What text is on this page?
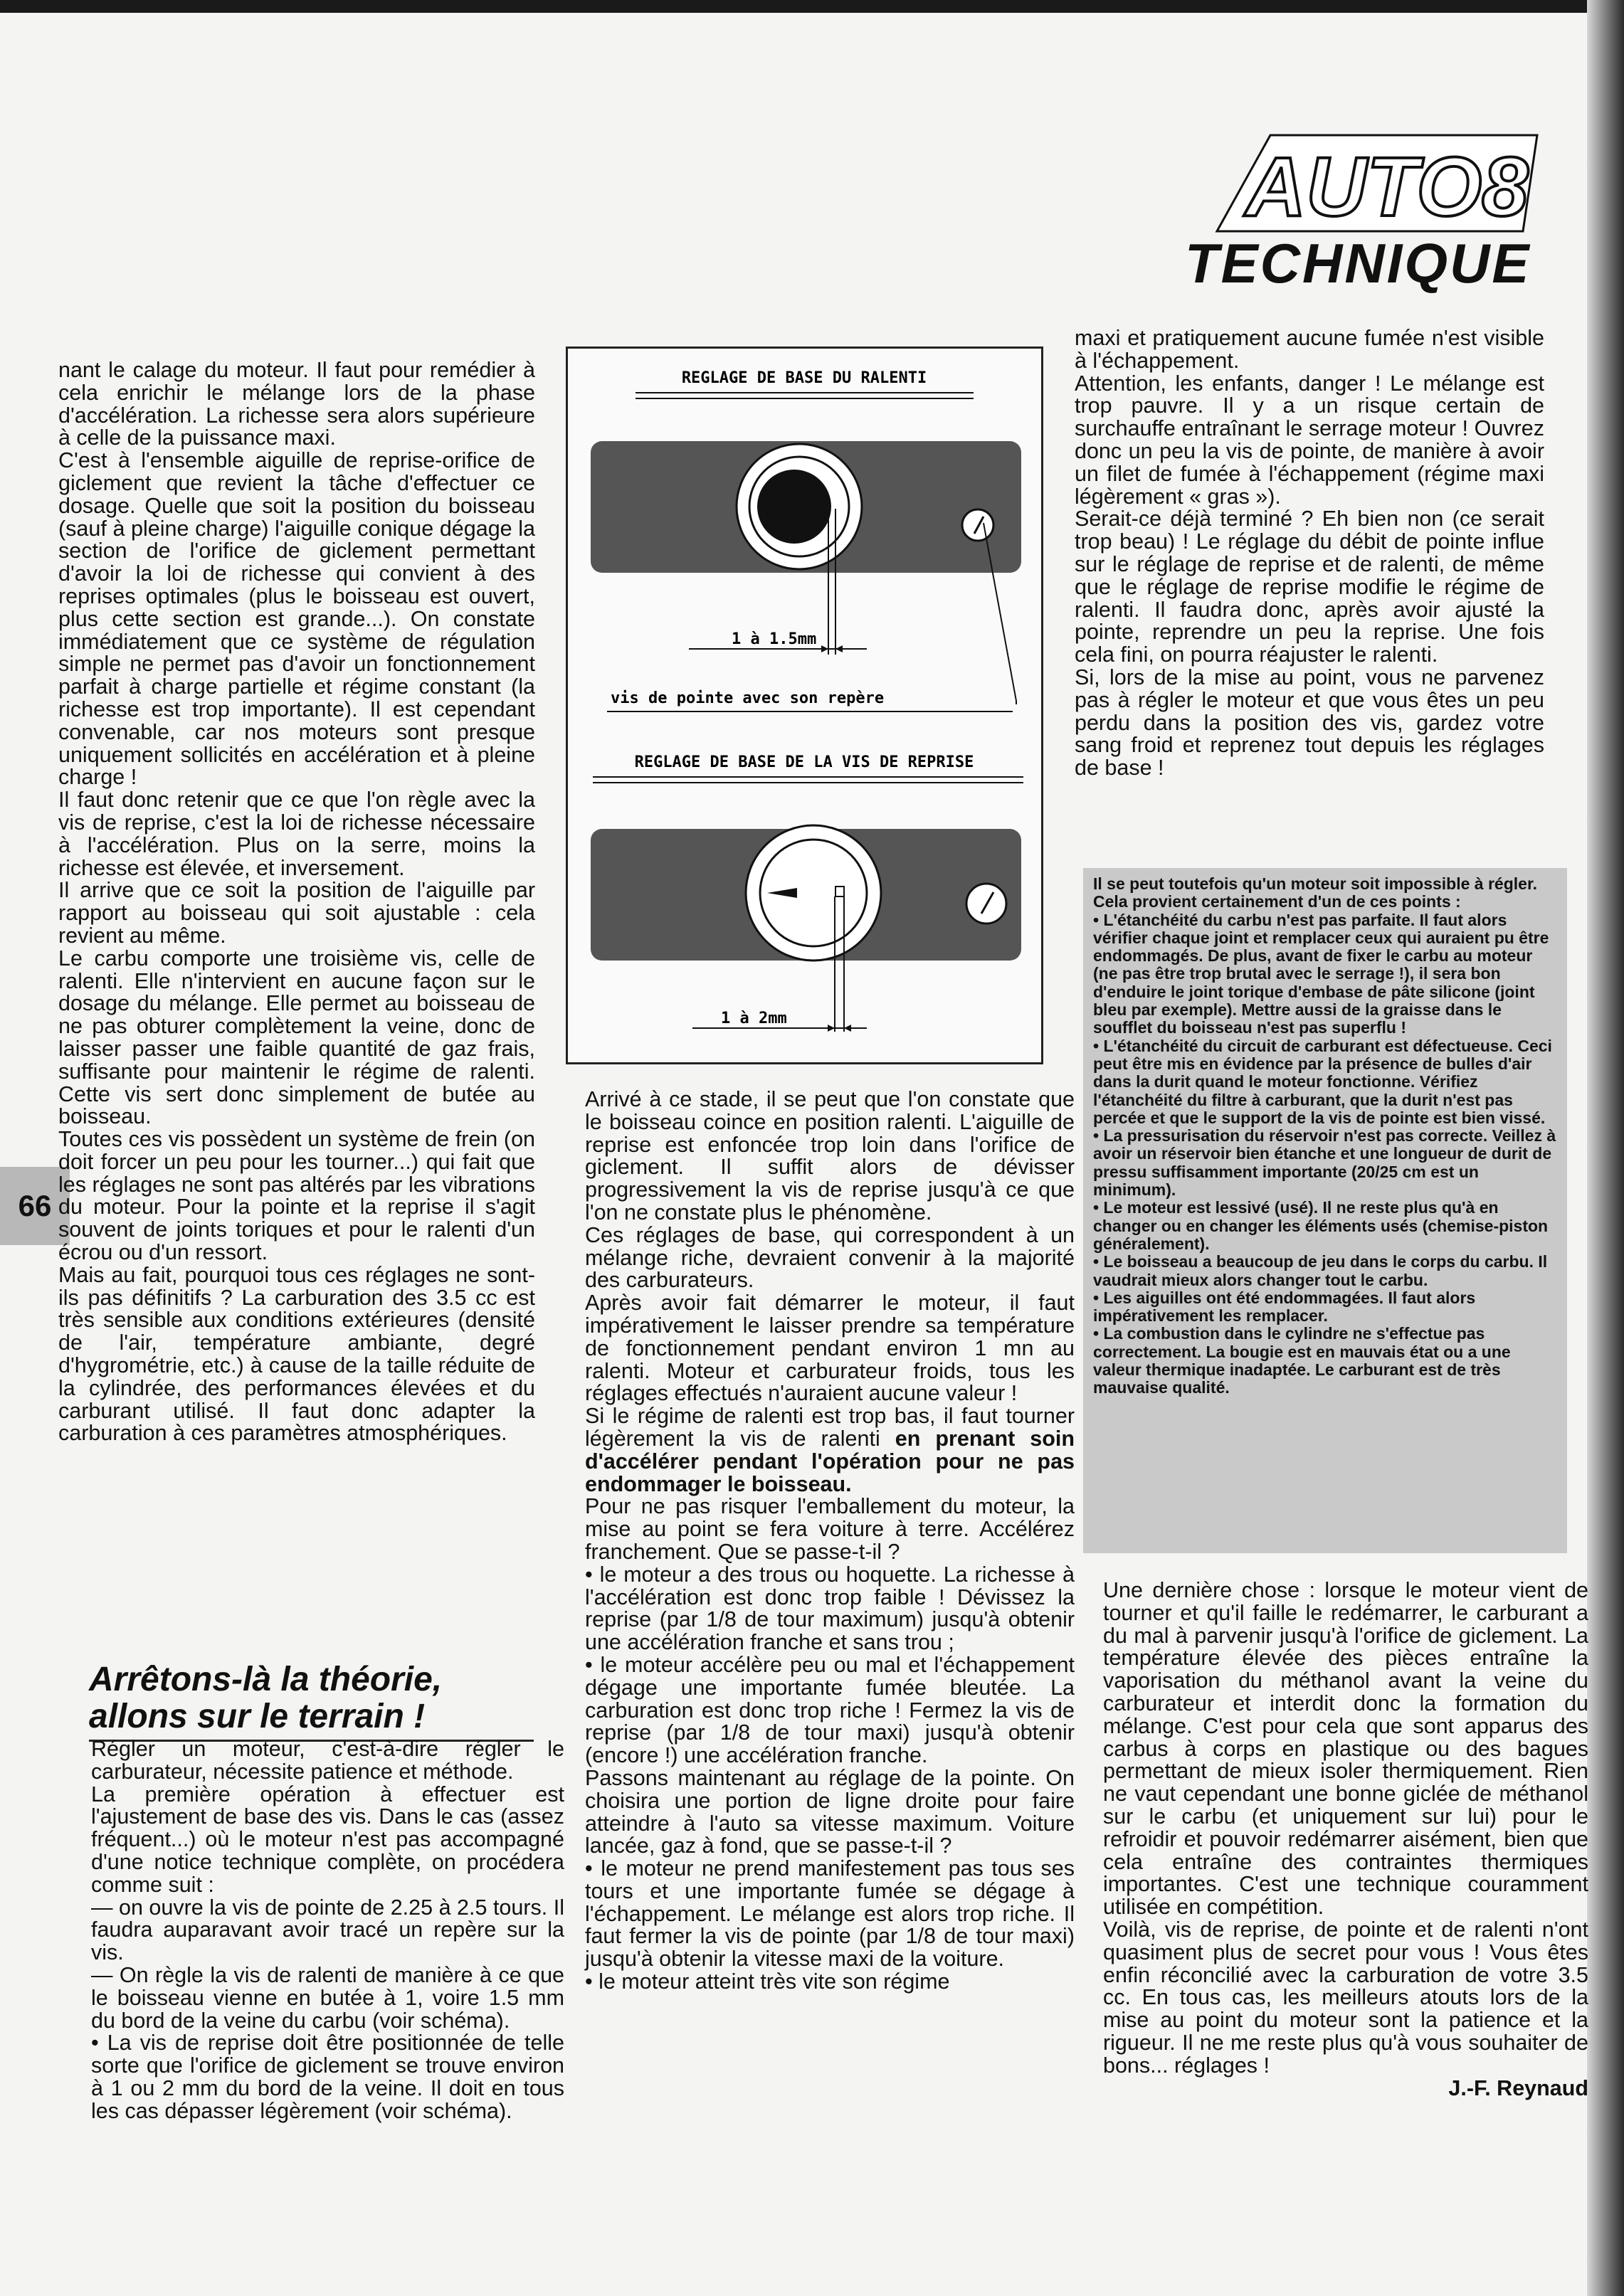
AUTO8
TECHNIQUE
66

nant le calage du moteur. Il faut pour remédier à cela enrichir le mélange lors de la phase d'accélération. La richesse sera alors supérieure à celle de la puissance maxi.

C'est à l'ensemble aiguille de reprise-orifice de giclement que revient la tâche d'effectuer ce dosage. Quelle que soit la position du boisseau (sauf à pleine charge) l'aiguille conique dégage la section de l'orifice de giclement permettant d'avoir la loi de richesse qui convient à des reprises optimales (plus le boisseau est ouvert, plus cette section est grande...). On constate immédiatement que ce système de régulation simple ne permet pas d'avoir un fonctionnement parfait à charge partielle et régime constant (la richesse est trop importante). Il est cependant convenable, car nos moteurs sont presque uniquement sollicités en accélération et à pleine charge !

Il faut donc retenir que ce que l'on règle avec la vis de reprise, c'est la loi de richesse nécessaire à l'accélération. Plus on la serre, moins la richesse est élevée, et inversement.

Il arrive que ce soit la position de l'aiguille par rapport au boisseau qui soit ajustable : cela revient au même.

Le carbu comporte une troisième vis, celle de ralenti. Elle n'intervient en aucune façon sur le dosage du mélange. Elle permet au boisseau de ne pas obturer complètement la veine, donc de laisser passer une faible quantité de gaz frais, suffisante pour maintenir le régime de ralenti. Cette vis sert donc simplement de butée au boisseau.

Toutes ces vis possèdent un système de frein (on doit forcer un peu pour les tourner...) qui fait que les réglages ne sont pas altérés par les vibrations du moteur. Pour la pointe et la reprise il s'agit souvent de joints toriques et pour le ralenti d'un écrou ou d'un ressort.

Mais au fait, pourquoi tous ces réglages ne sont-ils pas définitifs ? La carburation des 3.5 cc est très sensible aux conditions extérieures (densité de l'air, température ambiante, degré d'hygrométrie, etc.) à cause de la taille réduite de la cylindrée, des performances élevées et du carburant utilisé. Il faut donc adapter la carburation à ces paramètres atmosphériques.

Arrêtons-là la théorie, allons sur le terrain !

Régler un moteur, c'est-à-dire régler le carburateur, nécessite patience et méthode.

La première opération à effectuer est l'ajustement de base des vis. Dans le cas (assez fréquent...) où le moteur n'est pas accompagné d'une notice technique complète, on procédera comme suit :

— on ouvre la vis de pointe de 2.25 à 2.5 tours. Il faudra auparavant avoir tracé un repère sur la vis.

— On règle la vis de ralenti de manière à ce que le boisseau vienne en butée à 1, voire 1.5 mm du bord de la veine du carbu (voir schéma).

• La vis de reprise doit être positionnée de telle sorte que l'orifice de giclement se trouve environ à 1 ou 2 mm du bord de la veine. Il doit en tous les cas dépasser légèrement (voir schéma).

REGLAGE DE BASE DU RALENTI
1 à 1.5mm
vis de pointe avec son repère
REGLAGE DE BASE DE LA VIS DE REPRISE
1 à 2mm

Arrivé à ce stade, il se peut que l'on constate que le boisseau coince en position ralenti. L'aiguille de reprise est enfoncée trop loin dans l'orifice de giclement. Il suffit alors de dévisser progressivement la vis de reprise jusqu'à ce que l'on ne constate plus le phénomène.

Ces réglages de base, qui correspondent à un mélange riche, devraient convenir à la majorité des carburateurs.

Après avoir fait démarrer le moteur, il faut impérativement le laisser prendre sa température de fonctionnement pendant environ 1 mn au ralenti. Moteur et carburateur froids, tous les réglages effectués n'auraient aucune valeur !

Si le régime de ralenti est trop bas, il faut tourner légèrement la vis de ralenti en prenant soin d'accélérer pendant l'opération pour ne pas endommager le boisseau.

Pour ne pas risquer l'emballement du moteur, la mise au point se fera voiture à terre. Accélérez franchement. Que se passe-t-il ?

• le moteur a des trous ou hoquette. La richesse à l'accélération est donc trop faible ! Dévissez la reprise (par 1/8 de tour maximum) jusqu'à obtenir une accélération franche et sans trou ;

• le moteur accélère peu ou mal et l'échappement dégage une importante fumée bleutée. La carburation est donc trop riche ! Fermez la vis de reprise (par 1/8 de tour maxi) jusqu'à obtenir (encore !) une accélération franche.

Passons maintenant au réglage de la pointe. On choisira une portion de ligne droite pour faire atteindre à l'auto sa vitesse maximum. Voiture lancée, gaz à fond, que se passe-t-il ?

• le moteur ne prend manifestement pas tous ses tours et une importante fumée se dégage à l'échappement. Le mélange est alors trop riche. Il faut fermer la vis de pointe (par 1/8 de tour maxi) jusqu'à obtenir la vitesse maxi de la voiture.

• le moteur atteint très vite son régime

maxi et pratiquement aucune fumée n'est visible à l'échappement.

Attention, les enfants, danger ! Le mélange est trop pauvre. Il y a un risque certain de surchauffe entraînant le serrage moteur ! Ouvrez donc un peu la vis de pointe, de manière à avoir un filet de fumée à l'échappement (régime maxi légèrement « gras »).

Serait-ce déjà terminé ? Eh bien non (ce serait trop beau) ! Le réglage du débit de pointe influe sur le réglage de reprise et de ralenti, de même que le réglage de reprise modifie le régime de ralenti. Il faudra donc, après avoir ajusté la pointe, reprendre un peu la reprise. Une fois cela fini, on pourra réajuster le ralenti.

Si, lors de la mise au point, vous ne parvenez pas à régler le moteur et que vous êtes un peu perdu dans la position des vis, gardez votre sang froid et reprenez tout depuis les réglages de base !

Il se peut toutefois qu'un moteur soit impossible à régler. Cela provient certainement d'un de ces points :

• L'étanchéité du carbu n'est pas parfaite. Il faut alors vérifier chaque joint et remplacer ceux qui auraient pu être endommagés. De plus, avant de fixer le carbu au moteur (ne pas être trop brutal avec le serrage !), il sera bon d'enduire le joint torique d'embase de pâte silicone (joint bleu par exemple). Mettre aussi de la graisse dans le soufflet du boisseau n'est pas superflu !

• L'étanchéité du circuit de carburant est défectueuse. Ceci peut être mis en évidence par la présence de bulles d'air dans la durit quand le moteur fonctionne. Vérifiez l'étanchéité du filtre à carburant, que la durit n'est pas percée et que le support de la vis de pointe est bien vissé.

• La pressurisation du réservoir n'est pas correcte. Veillez à avoir un réservoir bien étanche et une longueur de durit de pressu suffisamment importante (20/25 cm est un minimum).

• Le moteur est lessivé (usé). Il ne reste plus qu'à en changer ou en changer les éléments usés (chemise-piston généralement).

• Le boisseau a beaucoup de jeu dans le corps du carbu. Il vaudrait mieux alors changer tout le carbu.

• Les aiguilles ont été endommagées. Il faut alors impérativement les remplacer.

• La combustion dans le cylindre ne s'effectue pas correctement. La bougie est en mauvais état ou a une valeur thermique inadaptée. Le carburant est de très mauvaise qualité.

Une dernière chose : lorsque le moteur vient de tourner et qu'il faille le redémarrer, le carburant a du mal à parvenir jusqu'à l'orifice de giclement. La température élevée des pièces entraîne la vaporisation du méthanol avant la veine du carburateur et interdit donc la formation du mélange. C'est pour cela que sont apparus des carbus à corps en plastique ou des bagues permettant de mieux isoler thermiquement. Rien ne vaut cependant une bonne giclée de méthanol sur le carbu (et uniquement sur lui) pour le refroidir et pouvoir redémarrer aisément, bien que cela entraîne des contraintes thermiques importantes. C'est une technique couramment utilisée en compétition.

Voilà, vis de reprise, de pointe et de ralenti n'ont quasiment plus de secret pour vous ! Vous êtes enfin réconcilié avec la carburation de votre 3.5 cc. En tous cas, les meilleurs atouts lors de la mise au point du moteur sont la patience et la rigueur. Il ne me reste plus qu'à vous souhaiter de bons... réglages !

J.-F. Reynaud
